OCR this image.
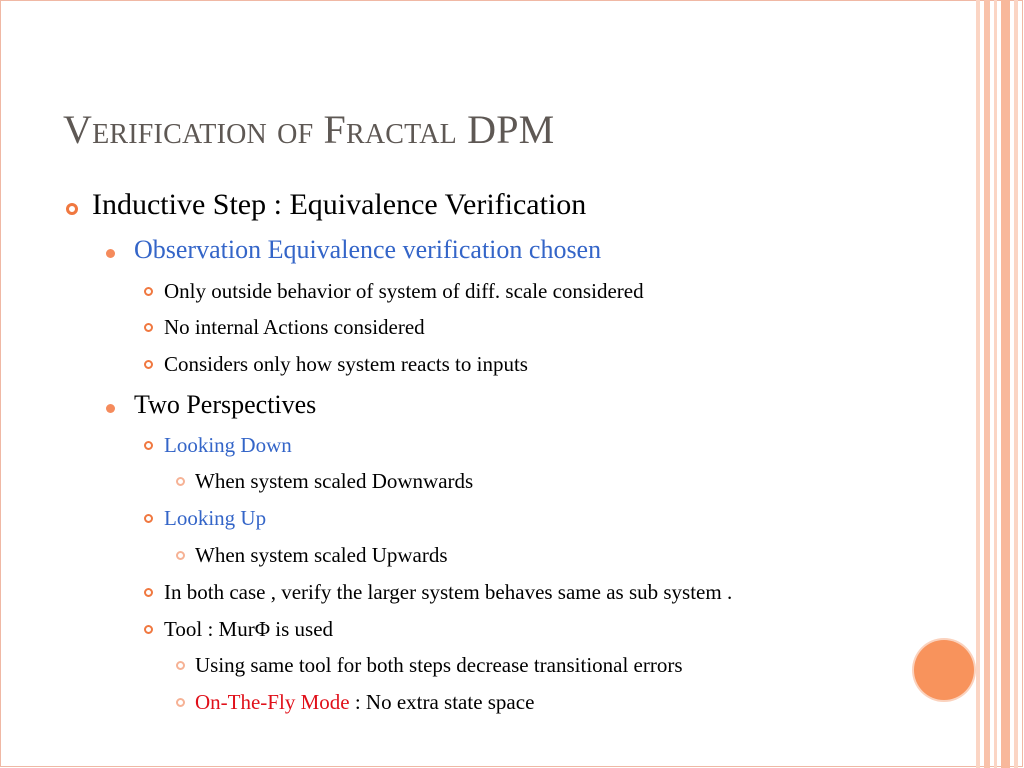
Verification of Fractal DPM
Inductive Step : Equivalence Verification
Observation Equivalence verification chosen
Only outside behavior of system of diff. scale considered
No internal Actions considered
Considers only how system reacts to inputs
Two Perspectives
Looking Down
When system scaled Downwards
Looking Up
When system scaled Upwards
In both case , verify the larger system behaves same as sub system .
Tool : MurΦ is used
Using same tool for both steps decrease transitional errors
On-The-Fly Mode : No extra state space
